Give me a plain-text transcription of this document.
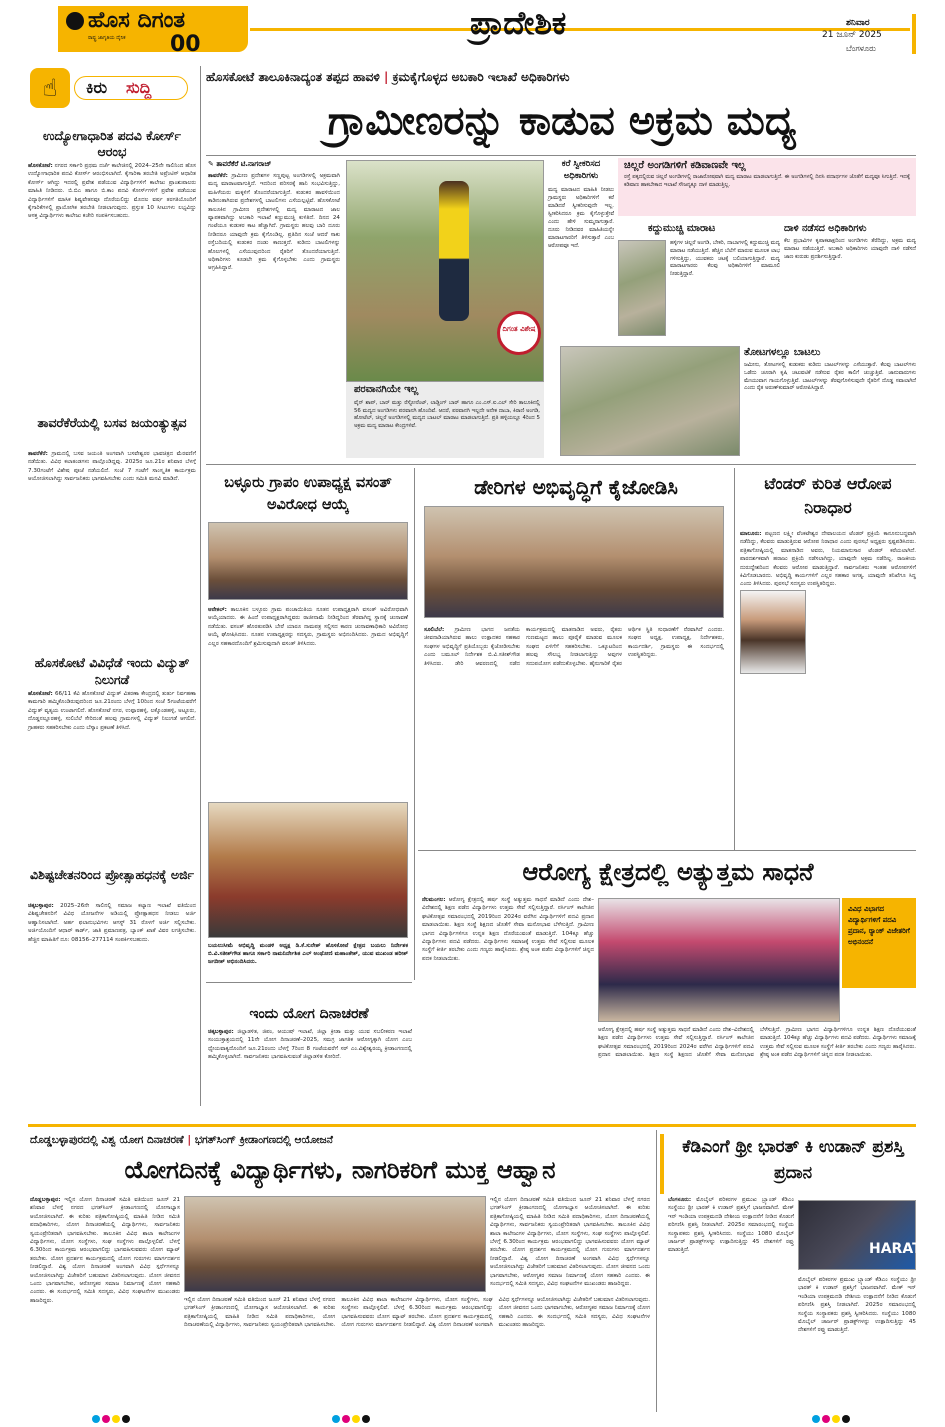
ಹೊಸ ದಿಗಂತ
ರಾಷ್ಟ್ರ ಜಾಗೃತಿಯ ದೈನಿಕ 00
ಪ್ರಾದೇಶಿಕ	ಶನಿವಾರ
21 ಜೂನ್ 2025
ಬೆಂಗಳೂರು
☝	ಕಿರು ಸುದ್ದಿ
ಉದ್ಯೋಗಾಧಾರಿತ ಪದವಿ ಕೋರ್ಸ್ ಆರಂಭ
ಹೊಸಕೋಟೆ: ನಗರದ ಸರ್ಕಾರಿ ಪ್ರಥಮ ದರ್ಜೆ ಕಾಲೇಜಿನಲ್ಲಿ 2024–25ನೇ ಸಾಲಿನಿಂದ ಹೊಸ ಉದ್ಯೋಗಾಧಾರಿತ ಪದವಿ ಕೋರ್ಸ್ ಆರಂಭಿಸಲಾಗಿದೆ. ಕೈಗಾರಿಕಾ ತರಬೇತಿ ಅಪ್ರೆಂಟಿಸ್ ಆಧಾರಿತ ಕೋರ್ಸ್ ಆಗಿದ್ದು ಇದರಲ್ಲಿ ಪ್ರವೇಶ ಪಡೆಯುವ ವಿದ್ಯಾರ್ಥಿಗಳಿಗೆ ಕಾಲೇಜು ಪ್ರಾಂಶುಪಾಲರು ಮಾಹಿತಿ ನೀಡಿದರು. ಬಿ.ಬಿಎ ಹಾಗೂ ಬಿ.ಕಾಂ ಪದವಿ ಕೋರ್ಸ್‌ಗಳಿಗೆ ಪ್ರವೇಶ ಪಡೆಯುವ ವಿದ್ಯಾರ್ಥಿಗಳಿಗೆ ಮಾಸಿಕ ಶಿಷ್ಯವೇತನವೂ ದೊರೆಯಲಿದ್ದು ಮೊದಲ ವರ್ಷ ತರಗತಿಯೊಂದಿಗೆ ಕೈಗಾರಿಕೆಗಳಲ್ಲಿ ಪ್ರಾಯೋಗಿಕ ತರಬೇತಿ ನೀಡಲಾಗುವುದು. ಪ್ರಸ್ತುತ 10 ಸೀಟುಗಳು ಲಭ್ಯವಿದ್ದು ಆಸಕ್ತ ವಿದ್ಯಾರ್ಥಿಗಳು ಕಾಲೇಜು ಕಚೇರಿ ಸಂಪರ್ಕಿಸಬಹುದು.
ತಾವರೆಕೆರೆಯಲ್ಲಿ ಬಸವ ಜಯಂತ್ಯುತ್ಸವ
ತಾವರೆಕೆರೆ: ಗ್ರಾಮದಲ್ಲಿ ಬಸವ ಜಯಂತಿ ಅಂಗವಾಗಿ ಬಸವೇಶ್ವರರ ಭಾವಚಿತ್ರದ ಮೆರವಣಿಗೆ ನಡೆಯಿತು. ವಿವಿಧ ಕಲಾತಂಡಗಳು ಪಾಲ್ಗೊಂಡಿದ್ದವು. 2025ರ ಜೂ.21ರ ಶನಿವಾರ ಬೆಳಗ್ಗೆ 7.30ಗಂಟೆಗೆ ವಿಶೇಷ ಪೂಜೆ ನಡೆಯಲಿದೆ. ಸಂಜೆ 7 ಗಂಟೆಗೆ ಸಾಂಸ್ಕೃತಿಕ ಕಾರ್ಯಕ್ರಮ ಆಯೋಜಿಸಲಾಗಿದ್ದು ಸಾರ್ವಜನಿಕರು ಭಾಗವಹಿಸಬೇಕು ಎಂದು ಸಮಿತಿ ಮನವಿ ಮಾಡಿದೆ.
ಹೊಸಕೋಟೆ ವಿವಿಧೆಡೆ ಇಂದು ವಿದ್ಯುತ್ ನಿಲುಗಡೆ
ಹೊಸಕೋಟೆ: 66/11 ಕೆವಿ ಹೊಸಕೋಟೆ ವಿದ್ಯುತ್ ವಿತರಣಾ ಕೇಂದ್ರದಲ್ಲಿ ತುರ್ತು ನಿರ್ವಹಣಾ ಕಾಮಗಾರಿ ಹಮ್ಮಿಕೊಂಡಿರುವುದರಿಂದ ಜೂ.21ರಂದು ಬೆಳಗ್ಗೆ 10ರಿಂದ ಸಂಜೆ 5ಗಂಟೆಯವರೆಗೆ ವಿದ್ಯುತ್ ವ್ಯತ್ಯಯ ಉಂಟಾಗಲಿದೆ. ಹೊಸಕೋಟೆ ನಗರ, ಉಪ್ಪಾರಹಳ್ಳಿ, ಲಕ್ಕೊಂಡಹಳ್ಳಿ, ಅಟ್ಟೂರು, ದೊಡ್ಡನಲ್ಲೂರಹಳ್ಳಿ, ಸುಲಿಬೆಲೆ ಸೇರಿದಂತೆ ಹಲವು ಗ್ರಾಮಗಳಲ್ಲಿ ವಿದ್ಯುತ್ ನಿಲುಗಡೆ ಆಗಲಿದೆ. ಗ್ರಾಹಕರು ಸಹಕರಿಸಬೇಕು ಎಂದು ಬೆಸ್ಕಾಂ ಪ್ರಕಟಣೆ ತಿಳಿಸಿದೆ.
ವಿಶಿಷ್ಟಚೇತನರಿಂದ ಪ್ರೋತ್ಸಾಹಧನಕ್ಕೆ ಅರ್ಜಿ
ಚಿಕ್ಕಬಳ್ಳಾಪುರ: 2025–26ನೇ ಸಾಲಿನಲ್ಲಿ ಸಮಾಜ ಕಲ್ಯಾಣ ಇಲಾಖೆ ವತಿಯಿಂದ ವಿಶಿಷ್ಟಚೇತನರಿಗೆ ವಿವಿಧ ಯೋಜನೆಗಳ ಅಡಿಯಲ್ಲಿ ಪ್ರೋತ್ಸಾಹಧನ ನೀಡಲು ಅರ್ಜಿ ಆಹ್ವಾನಿಸಲಾಗಿದೆ. ಅರ್ಹ ಫಲಾನುಭವಿಗಳು ಆಗಸ್ಟ್ 31 ರೊಳಗೆ ಅರ್ಜಿ ಸಲ್ಲಿಸಬೇಕು. ಅರ್ಜಿಯೊಂದಿಗೆ ಆಧಾರ್ ಕಾರ್ಡ್, ಜಾತಿ ಪ್ರಮಾಣಪತ್ರ, ಬ್ಯಾಂಕ್ ಖಾತೆ ವಿವರ ಲಗತ್ತಿಸಬೇಕು. ಹೆಚ್ಚಿನ ಮಾಹಿತಿಗೆ ದೂ: 08156–277114 ಸಂಪರ್ಕಿಸಬಹುದು.
ಹೊಸಕೋಟೆ ತಾಲೂಕಿನಾದ್ಯಂತ ತಪ್ಪದ ಹಾವಳಿ | ಕ್ರಮಕೈಗೊಳ್ಳದ ಅಬಕಾರಿ ಇಲಾಖೆ ಅಧಿಕಾರಿಗಳು
ಗ್ರಾಮೀಣರನ್ನು ಕಾಡುವ ಅಕ್ರಮ ಮದ್ಯ
✎ ತಾವರೆಕೆರೆ ಟಿ.ನಾಗರಾಜ್
ತಾವರೆಕೆರೆ: ಗ್ರಾಮೀಣ ಪ್ರದೇಶಗಳ ಸಣ್ಣಪುಟ್ಟ ಅಂಗಡಿಗಳಲ್ಲಿ ಅಕ್ರಮವಾಗಿ ಮದ್ಯ ಮಾರಾಟವಾಗುತ್ತಿದೆ. ಇದರಿಂದ ಪರಿಸರಕ್ಕೆ ಹಾನಿ ಸಂಭವಿಸುತ್ತಿದ್ದು, ಮಹಿಳೆಯರು ಮಕ್ಕಳಿಗೆ ತೊಂದರೆಯಾಗುತ್ತಿದೆ. ಕುಡುಕರ ಹಾವಳಿಯಿಂದ ಕಾಡಿನಂತಾಗಿರುವ ಪ್ರದೇಶಗಳಲ್ಲಿ ಬಾಟಲಿಗಳು ಎಸೆಯಲ್ಪಟ್ಟಿವೆ. ಹೊಸಕೋಟೆ ತಾಲೂಕಿನ ಗ್ರಾಮೀಣ ಪ್ರದೇಶಗಳಲ್ಲಿ ಮದ್ಯ ಮಾರಾಟದ ಜಾಲ ವ್ಯಾಪಕವಾಗಿದ್ದು ಅಬಕಾರಿ ಇಲಾಖೆ ಕಣ್ಣುಮುಚ್ಚಿ ಕುಳಿತಿದೆ. ದಿನದ 24 ಗಂಟೆಯೂ ಕುಡುಕರ ಕಾಟ ಹೆಚ್ಚಾಗಿದೆ. ಗ್ರಾಮಸ್ಥರು ಹಲವು ಬಾರಿ ದೂರು ನೀಡಿದರೂ ಯಾವುದೇ ಕ್ರಮ ಕೈಗೊಂಡಿಲ್ಲ. ಪ್ರತಿದಿನ ಸಂಜೆ ಆದರೆ ಸಾಕು ರಸ್ತೆಬದಿಯಲ್ಲಿ ಕುಡುಕರ ದಂಡು ಕಾಣುತ್ತದೆ. ಕುಡಿದು ಬಾಟಲಿಗಳನ್ನು ಹೊಲಗಳಲ್ಲಿ ಎಸೆಯುವುದರಿಂದ ರೈತರಿಗೆ ತೊಂದರೆಯಾಗುತ್ತಿದೆ. ಅಧಿಕಾರಿಗಳು ಕೂಡಲೇ ಕ್ರಮ ಕೈಗೊಳ್ಳಬೇಕು ಎಂದು ಗ್ರಾಮಸ್ಥರು ಆಗ್ರಹಿಸಿದ್ದಾರೆ.
ದಿಗಂತ ವಿಶೇಷ
ಪರವಾನಗಿಯೇ ಇಲ್ಲ
ವೈನ್ ಶಾಪ್, ಬಾರ್ ಮತ್ತು ರೆಸ್ಟೋರೆಂಟ್, ಲಾಡ್ಜಿಂಗ್ ಬಾರ್ ಹಾಗೂ ಎಂ.ಎಸ್.ಐ.ಎಲ್ ಸೇರಿ ತಾಲೂಕಿನಲ್ಲಿ 56 ಮದ್ಯದ ಅಂಗಡಿಗಳು ಪರವಾನಗಿ ಹೊಂದಿವೆ. ಆದರೆ, ಪರವಾನಗಿ ಇಲ್ಲದೇ ಅನೇಕ ದಾಬಾ, ಕಿರಾಣಿ ಅಂಗಡಿ, ಹೋಟೆಲ್, ಚಿಲ್ಲರೆ ಅಂಗಡಿಗಳಲ್ಲಿ ಮದ್ಯದ ಬಾಟಲ್ ಮಾರಾಟ ಮಾಡಲಾಗುತ್ತಿದೆ. ಪ್ರತಿ ಹಳ್ಳಿಯಲ್ಲೂ 4ರಿಂದ 5 ಅಕ್ರಮ ಮದ್ಯ ಮಾರಾಟ ಕೇಂದ್ರಗಳಿವೆ.
ಕರೆ ಸ್ವೀಕರಿಸದ ಅಧಿಕಾರಿಗಳು
ಮದ್ಯ ಮಾರಾಟದ ಮಾಹಿತಿ ನೀಡಲು ಗ್ರಾಮಸ್ಥರು ಅಧಿಕಾರಿಗಳಿಗೆ ಕರೆ ಮಾಡಿದರೆ ಸ್ವೀಕರಿಸುವುದೇ ಇಲ್ಲ. ಸ್ವೀಕರಿಸಿದರೂ ಕ್ರಮ ಕೈಗೊಳ್ಳುತ್ತೇವೆ ಎಂದು ಹೇಳಿ ಸುಮ್ಮನಾಗುತ್ತಾರೆ. ದೂರು ನೀಡಿದವರ ಮಾಹಿತಿಯನ್ನೇ ಮಾರಾಟಗಾರರಿಗೆ ತಿಳಿಸುತ್ತಾರೆ ಎಂಬ ಆರೋಪವೂ ಇದೆ.
ಚಿಲ್ಲರೆ ಅಂಗಡಿಗಳಿಗೆ ಕಡಿವಾಣವೇ ಇಲ್ಲ
ರಸ್ತೆ ಪಕ್ಕದಲ್ಲಿರುವ ಚಿಲ್ಲರೆ ಅಂಗಡಿಗಳಲ್ಲಿ ರಾಜಾರೋಷವಾಗಿ ಮದ್ಯ ಮಾರಾಟ ಮಾಡಲಾಗುತ್ತಿದೆ. ಈ ಅಂಗಡಿಗಳಲ್ಲಿ ದಿನಸಿ ಪದಾರ್ಥಗಳ ಜೊತೆಗೆ ಮದ್ಯವೂ ಸಿಗುತ್ತಿದೆ. ಇದಕ್ಕೆ ಕಡಿವಾಣ ಹಾಕಬೇಕಾದ ಇಲಾಖೆ ಸೌಜನ್ಯಕ್ಕೂ ದಾಳಿ ಮಾಡುತ್ತಿಲ್ಲ.
ಕದ್ದುಮುಚ್ಚಿ ಮಾರಾಟ
ಹಳ್ಳಿಗಳ ಚಿಲ್ಲರೆ ಅಂಗಡಿ, ಬೇಕರಿ, ದಾಬಾಗಳಲ್ಲಿ ಕದ್ದುಮುಚ್ಚಿ ಮದ್ಯ ಮಾರಾಟ ನಡೆಯುತ್ತಿದೆ. ಹೆಚ್ಚಿನ ಬೆಲೆಗೆ ಮಾರುವ ಮೂಲಕ ಲಾಭ ಗಳಿಸುತ್ತಿದ್ದು, ಯುವಕರು ಚಟಕ್ಕೆ ಬಲಿಯಾಗುತ್ತಿದ್ದಾರೆ. ಮದ್ಯ ಮಾರಾಟಗಾರರು ಕೆಲವು ಅಧಿಕಾರಿಗಳಿಗೆ ಮಾಮೂಲಿ ನೀಡುತ್ತಿದ್ದಾರೆ.
ದಾಳಿ ನಡೆಸದ ಅಧಿಕಾರಿಗಳು
ಕೆಲ ಪ್ರಭಾವಿಗಳ ಕೃಪಾಕಟಾಕ್ಷದಿಂದ ಅಂಗಡಿಗಳು ತೆರೆದಿದ್ದು, ಅಕ್ರಮ ಮದ್ಯ ಮಾರಾಟ ನಡೆಯುತ್ತಿದೆ. ಅಬಕಾರಿ ಅಧಿಕಾರಿಗಳು ಯಾವುದೇ ದಾಳಿ ನಡೆಸದೆ ಜಾಣ ಕುರುಡು ಪ್ರದರ್ಶಿಸುತ್ತಿದ್ದಾರೆ.
ತೋಟಗಳಲ್ಲೂ ಬಾಟಲು
ಜಮೀನು, ತೋಟಗಳಲ್ಲಿ ಕುಡುಕರು ಕುಡಿದು ಬಾಟಲ್‌ಗಳನ್ನು ಎಸೆಯುತ್ತಾರೆ. ಕೆಲವು ಬಾಟಲ್‌ಗಳು ಒಡೆದು ಚೂರಾಗಿ ಕೃಷಿ ಚಟುವಟಿಕೆ ನಡೆಸುವ ರೈತರ ಕಾಲಿಗೆ ಚುಚ್ಚುತ್ತಿವೆ. ಜಾನುವಾರುಗಳು ಮೇಯುವಾಗ ಗಾಯಗೊಳ್ಳುತ್ತಿವೆ. ಬಾಟಲ್‌ಗಳನ್ನು ತೆರವುಗೊಳಿಸುವುದೇ ರೈತರಿಗೆ ದೊಡ್ಡ ಸವಾಲಾಗಿದೆ ಎಂದು ರೈತ ಅರುಣ್‌ಕುಮಾರ್ ಆರೋಪಿಸಿದ್ದಾರೆ.
ಬಳ್ಳೂರು ಗ್ರಾಪಂ ಉಪಾಧ್ಯಕ್ಷ ವಸಂತ್ ಅವಿರೋಧ ಆಯ್ಕೆ
ಆನೇಕಲ್: ತಾಲೂಕಿನ ಬಳ್ಳೂರು ಗ್ರಾಮ ಪಂಚಾಯಿತಿಯ ನೂತನ ಉಪಾಧ್ಯಕ್ಷರಾಗಿ ವಸಂತ್ ಅವಿರೋಧವಾಗಿ ಆಯ್ಕೆಯಾದರು. ಈ ಹಿಂದೆ ಉಪಾಧ್ಯಕ್ಷರಾಗಿದ್ದವರು ರಾಜೀನಾಮೆ ನೀಡಿದ್ದರಿಂದ ತೆರವಾಗಿದ್ದ ಸ್ಥಾನಕ್ಕೆ ಚುನಾವಣೆ ನಡೆಯಿತು. ವಸಂತ್ ಹೊರತುಪಡಿಸಿ ಬೇರೆ ಯಾರೂ ನಾಮಪತ್ರ ಸಲ್ಲಿಸದ ಕಾರಣ ಚುನಾವಣಾಧಿಕಾರಿ ಅವಿರೋಧ ಆಯ್ಕೆ ಘೋಷಿಸಿದರು. ನೂತನ ಉಪಾಧ್ಯಕ್ಷರನ್ನು ಸದಸ್ಯರು, ಗ್ರಾಮಸ್ಥರು ಅಭಿನಂದಿಸಿದರು. ಗ್ರಾಮದ ಅಭಿವೃದ್ಧಿಗೆ ಎಲ್ಲರ ಸಹಕಾರದೊಂದಿಗೆ ಶ್ರಮಿಸುವುದಾಗಿ ವಸಂತ್ ತಿಳಿಸಿದರು.
ಬಯಲುಸೀಮೆ ಅಭಿವೃದ್ಧಿ ಮಂಡಳಿ ಅಧ್ಯಕ್ಷ ಡಿ.ಕೆ.ಸುರೇಶ್ ಹೊಸಕೋಟೆ ಕ್ಷೇತ್ರದ ಬಯಲು ನಿರ್ದೇಶಕ ಬಿ.ವಿ.ಸತೀಶ್‌ಗೌಡ ಹಾಗೂ ಸರ್ಕಾರಿ ನಾಮನಿರ್ದೇಶಿತ ಎಲ್ ಅಂಥೋಣಿ ಮಹಾಂತೇಶ್, ಯುವ ಮುಖಂಡ ಹರೀಶ್ ಜಗದೀಶ್ ಅಭಿನಂದಿಸಿದರು.
ಡೇರಿಗಳ ಅಭಿವೃದ್ಧಿಗೆ ಕೈಜೋಡಿಸಿ
ಸೂಲಿಬೆಲೆ: ಗ್ರಾಮೀಣ ಭಾಗದ ಜನತೆಯ ಜೀವನಾಡಿಯಾಗಿರುವ ಹಾಲು ಉತ್ಪಾದಕರ ಸಹಕಾರ ಸಂಘಗಳ ಅಭಿವೃದ್ಧಿಗೆ ಪ್ರತಿಯೊಬ್ಬರು ಕೈಜೋಡಿಸಬೇಕು ಎಂದು ಬಮೂಲ್ ನಿರ್ದೇಶಕ ಬಿ.ವಿ.ಸತೀಶ್‌ಗೌಡ ತಿಳಿಸಿದರು. ಡೇರಿ ಆವರಣದಲ್ಲಿ ನಡೆದ ಕಾರ್ಯಕ್ರಮದಲ್ಲಿ ಮಾತನಾಡಿದ ಅವರು, ರೈತರು ಗುಣಮಟ್ಟದ ಹಾಲು ಪೂರೈಕೆ ಮಾಡುವ ಮೂಲಕ ಸಂಘದ ಏಳಿಗೆಗೆ ಸಹಕರಿಸಬೇಕು. ಒಕ್ಕೂಟದಿಂದ ಹಲವು ಸೌಲಭ್ಯ ನೀಡಲಾಗುತ್ತಿದ್ದು ಅವುಗಳ ಸದುಪಯೋಗ ಪಡೆದುಕೊಳ್ಳಬೇಕು. ಹೈನುಗಾರಿಕೆ ರೈತರ ಆರ್ಥಿಕ ಸ್ಥಿತಿ ಸುಧಾರಣೆಗೆ ನೆರವಾಗಿದೆ ಎಂದರು. ಸಂಘದ ಅಧ್ಯಕ್ಷ, ಉಪಾಧ್ಯಕ್ಷ, ನಿರ್ದೇಶಕರು, ಕಾರ್ಯದರ್ಶಿ, ಗ್ರಾಮಸ್ಥರು ಈ ಸಂದರ್ಭದಲ್ಲಿ ಉಪಸ್ಥಿತರಿದ್ದರು.
ಟೆಂಡರ್ ಕುರಿತ ಆರೋಪ ನಿರಾಧಾರ
ಮಾಲೂರು: ಪಟ್ಟಣದ ಲಕ್ಷ್ಮೀ ವೆಂಕಟೇಶ್ವರ ದೇವಾಲಯದ ಟೆಂಡರ್ ಪ್ರಕ್ರಿಯೆ ಕಾನೂನುಬದ್ಧವಾಗಿ ನಡೆದಿದ್ದು, ಕೆಲವರು ಮಾಡುತ್ತಿರುವ ಆರೋಪ ನಿರಾಧಾರ ಎಂದು ಪುರಸಭೆ ಅಧ್ಯಕ್ಷರು ಸ್ಪಷ್ಟಪಡಿಸಿದರು. ಪತ್ರಿಕಾಗೋಷ್ಠಿಯಲ್ಲಿ ಮಾತನಾಡಿದ ಅವರು, ನಿಯಮಾನುಸಾರ ಟೆಂಡರ್ ಕರೆಯಲಾಗಿದೆ. ಪಾರದರ್ಶಕವಾಗಿ ಹರಾಜು ಪ್ರಕ್ರಿಯೆ ನಡೆಸಲಾಗಿದ್ದು, ಯಾವುದೇ ಅಕ್ರಮ ನಡೆದಿಲ್ಲ. ರಾಜಕೀಯ ದುರುದ್ದೇಶದಿಂದ ಕೆಲವರು ಆರೋಪ ಮಾಡುತ್ತಿದ್ದಾರೆ. ಸಾರ್ವಜನಿಕರು ಇಂತಹ ಆರೋಪಗಳಿಗೆ ಕಿವಿಗೊಡಬಾರದು. ಅಭಿವೃದ್ಧಿ ಕಾರ್ಯಗಳಿಗೆ ಎಲ್ಲರ ಸಹಕಾರ ಅಗತ್ಯ. ಯಾವುದೇ ತನಿಖೆಗೂ ಸಿದ್ಧ ಎಂದು ತಿಳಿಸಿದರು. ಪುರಸಭೆ ಸದಸ್ಯರು ಉಪಸ್ಥಿತರಿದ್ದರು.
ಆರೋಗ್ಯ ಕ್ಷೇತ್ರದಲ್ಲಿ ಅತ್ಯುತ್ತಮ ಸಾಧನೆ
ನೆಲಮಂಗಲ: ಆರೋಗ್ಯ ಕ್ಷೇತ್ರದಲ್ಲಿ ಹರ್ಷ ಸಂಸ್ಥೆ ಅತ್ಯುತ್ತಮ ಸಾಧನೆ ಮಾಡಿದೆ ಎಂದು ದೇಶ–ವಿದೇಶದಲ್ಲಿ ಶಿಕ್ಷಣ ಪಡೆದ ವಿದ್ಯಾರ್ಥಿಗಳು ಉತ್ತಮ ಸೇವೆ ಸಲ್ಲಿಸುತ್ತಿದ್ದಾರೆ. ನರ್ಸಿಂಗ್ ಕಾಲೇಜಿನ ಘಟಿಕೋತ್ಸವ ಸಮಾರಂಭದಲ್ಲಿ 2019ರಿಂದ 2024ರ ವರೆಗಿನ ವಿದ್ಯಾರ್ಥಿಗಳಿಗೆ ಪದವಿ ಪ್ರದಾನ ಮಾಡಲಾಯಿತು. ಶಿಕ್ಷಣ ಸಂಸ್ಥೆ ಶಿಕ್ಷಣದ ಜೊತೆಗೆ ಸೇವಾ ಮನೋಭಾವ ಬೆಳೆಸುತ್ತಿದೆ. ಗ್ರಾಮೀಣ ಭಾಗದ ವಿದ್ಯಾರ್ಥಿಗಳಿಗೂ ಉನ್ನತ ಶಿಕ್ಷಣ ದೊರೆಯುವಂತೆ ಮಾಡುತ್ತಿದೆ. 104ಕ್ಕೂ ಹೆಚ್ಚು ವಿದ್ಯಾರ್ಥಿಗಳು ಪದವಿ ಪಡೆದರು. ವಿದ್ಯಾರ್ಥಿಗಳು ಸಮಾಜಕ್ಕೆ ಉತ್ತಮ ಸೇವೆ ಸಲ್ಲಿಸುವ ಮೂಲಕ ಸಂಸ್ಥೆಗೆ ಕೀರ್ತಿ ತರಬೇಕು ಎಂದು ಗಣ್ಯರು ಹಾರೈಸಿದರು. ಶ್ರೇಷ್ಠ ಅಂಕ ಪಡೆದ ವಿದ್ಯಾರ್ಥಿಗಳಿಗೆ ಚಿನ್ನದ ಪದಕ ನೀಡಲಾಯಿತು.
ವಿವಿಧ ವಿಭಾಗದ ವಿದ್ಯಾರ್ಥಿಗಳಿಗೆ ಪದವಿ ಪ್ರದಾನ, ರ‍್ಯಾಂಕ್ ವಿಜೇತರಿಗೆ ಅಭಿನಂದನೆ
ಆರೋಗ್ಯ ಕ್ಷೇತ್ರದಲ್ಲಿ ಹರ್ಷ ಸಂಸ್ಥೆ ಅತ್ಯುತ್ತಮ ಸಾಧನೆ ಮಾಡಿದೆ ಎಂದು ದೇಶ–ವಿದೇಶದಲ್ಲಿ ಶಿಕ್ಷಣ ಪಡೆದ ವಿದ್ಯಾರ್ಥಿಗಳು ಉತ್ತಮ ಸೇವೆ ಸಲ್ಲಿಸುತ್ತಿದ್ದಾರೆ. ನರ್ಸಿಂಗ್ ಕಾಲೇಜಿನ ಘಟಿಕೋತ್ಸವ ಸಮಾರಂಭದಲ್ಲಿ 2019ರಿಂದ 2024ರ ವರೆಗಿನ ವಿದ್ಯಾರ್ಥಿಗಳಿಗೆ ಪದವಿ ಪ್ರದಾನ ಮಾಡಲಾಯಿತು. ಶಿಕ್ಷಣ ಸಂಸ್ಥೆ ಶಿಕ್ಷಣದ ಜೊತೆಗೆ ಸೇವಾ ಮನೋಭಾವ ಬೆಳೆಸುತ್ತಿದೆ. ಗ್ರಾಮೀಣ ಭಾಗದ ವಿದ್ಯಾರ್ಥಿಗಳಿಗೂ ಉನ್ನತ ಶಿಕ್ಷಣ ದೊರೆಯುವಂತೆ ಮಾಡುತ್ತಿದೆ. 104ಕ್ಕೂ ಹೆಚ್ಚು ವಿದ್ಯಾರ್ಥಿಗಳು ಪದವಿ ಪಡೆದರು. ವಿದ್ಯಾರ್ಥಿಗಳು ಸಮಾಜಕ್ಕೆ ಉತ್ತಮ ಸೇವೆ ಸಲ್ಲಿಸುವ ಮೂಲಕ ಸಂಸ್ಥೆಗೆ ಕೀರ್ತಿ ತರಬೇಕು ಎಂದು ಗಣ್ಯರು ಹಾರೈಸಿದರು. ಶ್ರೇಷ್ಠ ಅಂಕ ಪಡೆದ ವಿದ್ಯಾರ್ಥಿಗಳಿಗೆ ಚಿನ್ನದ ಪದಕ ನೀಡಲಾಯಿತು.
ಇಂದು ಯೋಗ ದಿನಾಚರಣೆ
ಚಿಕ್ಕಬಳ್ಳಾಪುರ: ಜಿಲ್ಲಾಡಳಿತ, ಜಿಪಂ, ಆಯುಷ್ ಇಲಾಖೆ, ಜಿಲ್ಲಾ ಕ್ರೀಡಾ ಮತ್ತು ಯುವ ಸಬಲೀಕರಣ ಇಲಾಖೆ ಸಂಯುಕ್ತಾಶ್ರಯದಲ್ಲಿ 11ನೇ ಯೋಗ ದಿನಾಚರಣೆ–2025, ಸಮಗ್ರ ಜಾಗತಿಕ ಆರೋಗ್ಯಕ್ಕಾಗಿ ಯೋಗ ಎಂಬ ಧ್ಯೇಯವಾಕ್ಯದೊಂದಿಗೆ ಜೂ.21ರಂದು ಬೆಳಗ್ಗೆ 7ರಿಂದ 8 ಗಂಟೆಯವರೆಗೆ ಸರ್ ಎಂ.ವಿಶ್ವೇಶ್ವರಯ್ಯ ಕ್ರೀಡಾಂಗಣದಲ್ಲಿ ಹಮ್ಮಿಕೊಳ್ಳಲಾಗಿದೆ. ಸಾರ್ವಜನಿಕರು ಭಾಗವಹಿಸುವಂತೆ ಜಿಲ್ಲಾಡಳಿತ ಕೋರಿದೆ.
ದೊಡ್ಡಬಳ್ಳಾಪುರದಲ್ಲಿ ವಿಶ್ವ ಯೋಗ ದಿನಾಚರಣೆ | ಭಗತ್‌ಸಿಂಗ್ ಕ್ರೀಡಾಂಗಣದಲ್ಲಿ ಆಯೋಜನೆ
ಯೋಗದಿನಕ್ಕೆ ವಿದ್ಯಾರ್ಥಿಗಳು, ನಾಗರಿಕರಿಗೆ ಮುಕ್ತ ಆಹ್ವಾನ
ದೊಡ್ಡಬಳ್ಳಾಪುರ: ಇಲ್ಲಿನ ಯೋಗ ದಿನಾಚರಣೆ ಸಮಿತಿ ವತಿಯಿಂದ ಜೂನ್ 21 ಶನಿವಾರ ಬೆಳಗ್ಗೆ ನಗರದ ಭಗತ್‌ಸಿಂಗ್ ಕ್ರೀಡಾಂಗಣದಲ್ಲಿ ಯೋಗಾಭ್ಯಾಸ ಆಯೋಜಿಸಲಾಗಿದೆ. ಈ ಕುರಿತು ಪತ್ರಿಕಾಗೋಷ್ಠಿಯಲ್ಲಿ ಮಾಹಿತಿ ನೀಡಿದ ಸಮಿತಿ ಪದಾಧಿಕಾರಿಗಳು, ಯೋಗ ದಿನಾಚರಣೆಯಲ್ಲಿ ವಿದ್ಯಾರ್ಥಿಗಳು, ಸಾರ್ವಜನಿಕರು ಸ್ವಯಂಪ್ರೇರಿತರಾಗಿ ಭಾಗವಹಿಸಬೇಕು. ತಾಲೂಕಿನ ವಿವಿಧ ಶಾಲಾ ಕಾಲೇಜುಗಳ ವಿದ್ಯಾರ್ಥಿಗಳು, ಯೋಗ ಸಂಸ್ಥೆಗಳು, ಸಂಘ ಸಂಸ್ಥೆಗಳು ಪಾಲ್ಗೊಳ್ಳಲಿವೆ. ಬೆಳಗ್ಗೆ 6.30ರಿಂದ ಕಾರ್ಯಕ್ರಮ ಆರಂಭವಾಗಲಿದ್ದು ಭಾಗವಹಿಸುವವರು ಯೋಗ ಮ್ಯಾಟ್ ತರಬೇಕು. ಯೋಗ ಪ್ರದರ್ಶನ ಕಾರ್ಯಕ್ರಮದಲ್ಲಿ ಯೋಗ ಗುರುಗಳು ಮಾರ್ಗದರ್ಶನ ನೀಡಲಿದ್ದಾರೆ. ವಿಶ್ವ ಯೋಗ ದಿನಾಚರಣೆ ಅಂಗವಾಗಿ ವಿವಿಧ ಸ್ಪರ್ಧೆಗಳನ್ನೂ ಆಯೋಜಿಸಲಾಗಿದ್ದು ವಿಜೇತರಿಗೆ ಬಹುಮಾನ ವಿತರಿಸಲಾಗುವುದು. ಯೋಗ ಜೀವನದ ಒಂದು ಭಾಗವಾಗಬೇಕು, ಆರೋಗ್ಯಕರ ಸಮಾಜ ನಿರ್ಮಾಣಕ್ಕೆ ಯೋಗ ಸಹಕಾರಿ ಎಂದರು. ಈ ಸಂದರ್ಭದಲ್ಲಿ ಸಮಿತಿ ಸದಸ್ಯರು, ವಿವಿಧ ಸಂಘಟನೆಗಳ ಮುಖಂಡರು ಹಾಜರಿದ್ದರು.	ಇಲ್ಲಿನ ಯೋಗ ದಿನಾಚರಣೆ ಸಮಿತಿ ವತಿಯಿಂದ ಜೂನ್ 21 ಶನಿವಾರ ಬೆಳಗ್ಗೆ ನಗರದ ಭಗತ್‌ಸಿಂಗ್ ಕ್ರೀಡಾಂಗಣದಲ್ಲಿ ಯೋಗಾಭ್ಯಾಸ ಆಯೋಜಿಸಲಾಗಿದೆ. ಈ ಕುರಿತು ಪತ್ರಿಕಾಗೋಷ್ಠಿಯಲ್ಲಿ ಮಾಹಿತಿ ನೀಡಿದ ಸಮಿತಿ ಪದಾಧಿಕಾರಿಗಳು, ಯೋಗ ದಿನಾಚರಣೆಯಲ್ಲಿ ವಿದ್ಯಾರ್ಥಿಗಳು, ಸಾರ್ವಜನಿಕರು ಸ್ವಯಂಪ್ರೇರಿತರಾಗಿ ಭಾಗವಹಿಸಬೇಕು. ತಾಲೂಕಿನ ವಿವಿಧ ಶಾಲಾ ಕಾಲೇಜುಗಳ ವಿದ್ಯಾರ್ಥಿಗಳು, ಯೋಗ ಸಂಸ್ಥೆಗಳು, ಸಂಘ ಸಂಸ್ಥೆಗಳು ಪಾಲ್ಗೊಳ್ಳಲಿವೆ. ಬೆಳಗ್ಗೆ 6.30ರಿಂದ ಕಾರ್ಯಕ್ರಮ ಆರಂಭವಾಗಲಿದ್ದು ಭಾಗವಹಿಸುವವರು ಯೋಗ ಮ್ಯಾಟ್ ತರಬೇಕು. ಯೋಗ ಪ್ರದರ್ಶನ ಕಾರ್ಯಕ್ರಮದಲ್ಲಿ ಯೋಗ ಗುರುಗಳು ಮಾರ್ಗದರ್ಶನ ನೀಡಲಿದ್ದಾರೆ. ವಿಶ್ವ ಯೋಗ ದಿನಾಚರಣೆ ಅಂಗವಾಗಿ ವಿವಿಧ ಸ್ಪರ್ಧೆಗಳನ್ನೂ ಆಯೋಜಿಸಲಾಗಿದ್ದು ವಿಜೇತರಿಗೆ ಬಹುಮಾನ ವಿತರಿಸಲಾಗುವುದು. ಯೋಗ ಜೀವನದ ಒಂದು ಭಾಗವಾಗಬೇಕು, ಆರೋಗ್ಯಕರ ಸಮಾಜ ನಿರ್ಮಾಣಕ್ಕೆ ಯೋಗ ಸಹಕಾರಿ ಎಂದರು. ಈ ಸಂದರ್ಭದಲ್ಲಿ ಸಮಿತಿ ಸದಸ್ಯರು, ವಿವಿಧ ಸಂಘಟನೆಗಳ ಮುಖಂಡರು ಹಾಜರಿದ್ದರು.
ಇಲ್ಲಿನ ಯೋಗ ದಿನಾಚರಣೆ ಸಮಿತಿ ವತಿಯಿಂದ ಜೂನ್ 21 ಶನಿವಾರ ಬೆಳಗ್ಗೆ ನಗರದ ಭಗತ್‌ಸಿಂಗ್ ಕ್ರೀಡಾಂಗಣದಲ್ಲಿ ಯೋಗಾಭ್ಯಾಸ ಆಯೋಜಿಸಲಾಗಿದೆ. ಈ ಕುರಿತು ಪತ್ರಿಕಾಗೋಷ್ಠಿಯಲ್ಲಿ ಮಾಹಿತಿ ನೀಡಿದ ಸಮಿತಿ ಪದಾಧಿಕಾರಿಗಳು, ಯೋಗ ದಿನಾಚರಣೆಯಲ್ಲಿ ವಿದ್ಯಾರ್ಥಿಗಳು, ಸಾರ್ವಜನಿಕರು ಸ್ವಯಂಪ್ರೇರಿತರಾಗಿ ಭಾಗವಹಿಸಬೇಕು. ತಾಲೂಕಿನ ವಿವಿಧ ಶಾಲಾ ಕಾಲೇಜುಗಳ ವಿದ್ಯಾರ್ಥಿಗಳು, ಯೋಗ ಸಂಸ್ಥೆಗಳು, ಸಂಘ ಸಂಸ್ಥೆಗಳು ಪಾಲ್ಗೊಳ್ಳಲಿವೆ. ಬೆಳಗ್ಗೆ 6.30ರಿಂದ ಕಾರ್ಯಕ್ರಮ ಆರಂಭವಾಗಲಿದ್ದು ಭಾಗವಹಿಸುವವರು ಯೋಗ ಮ್ಯಾಟ್ ತರಬೇಕು. ಯೋಗ ಪ್ರದರ್ಶನ ಕಾರ್ಯಕ್ರಮದಲ್ಲಿ ಯೋಗ ಗುರುಗಳು ಮಾರ್ಗದರ್ಶನ ನೀಡಲಿದ್ದಾರೆ. ವಿಶ್ವ ಯೋಗ ದಿನಾಚರಣೆ ಅಂಗವಾಗಿ ವಿವಿಧ ಸ್ಪರ್ಧೆಗಳನ್ನೂ ಆಯೋಜಿಸಲಾಗಿದ್ದು ವಿಜೇತರಿಗೆ ಬಹುಮಾನ ವಿತರಿಸಲಾಗುವುದು. ಯೋಗ ಜೀವನದ ಒಂದು ಭಾಗವಾಗಬೇಕು, ಆರೋಗ್ಯಕರ ಸಮಾಜ ನಿರ್ಮಾಣಕ್ಕೆ ಯೋಗ ಸಹಕಾರಿ ಎಂದರು. ಈ ಸಂದರ್ಭದಲ್ಲಿ ಸಮಿತಿ ಸದಸ್ಯರು, ವಿವಿಧ ಸಂಘಟನೆಗಳ ಮುಖಂಡರು ಹಾಜರಿದ್ದರು.
ಕೆಡಿಎಂಗೆ ಥ್ರೀ ಭಾರತ್ ಕಿ ಉಡಾನ್ ಪ್ರಶಸ್ತಿ ಪ್ರದಾನ
ಬೆಂಗಳೂರು: ಮೊಬೈಲ್ ಪರಿಕರಗಳ ಪ್ರಮುಖ ಬ್ರ್ಯಾಂಡ್ ಕೆಡಿಎಂ ಸಂಸ್ಥೆಯು ಥ್ರೀ ಭಾರತ್ ಕಿ ಉಡಾನ್ ಪ್ರಶಸ್ತಿಗೆ ಭಾಜನವಾಗಿದೆ. ಮೇಕ್ ಇನ್ ಇಂಡಿಯಾ ಉಪಕ್ರಮದಡಿ ದೇಶೀಯ ಉತ್ಪಾದನೆಗೆ ನೀಡಿದ ಕೊಡುಗೆ ಪರಿಗಣಿಸಿ ಪ್ರಶಸ್ತಿ ನೀಡಲಾಗಿದೆ. 2025ರ ಸಮಾರಂಭದಲ್ಲಿ ಸಂಸ್ಥೆಯ ಸಂಸ್ಥಾಪಕರು ಪ್ರಶಸ್ತಿ ಸ್ವೀಕರಿಸಿದರು. ಸಂಸ್ಥೆಯು 1080 ಮೊಬೈಲ್ ಚಾರ್ಜರ್ ಪ್ರಾಡಕ್ಟ್‌ಗಳನ್ನು ಉತ್ಪಾದಿಸುತ್ತಿದ್ದು 45 ದೇಶಗಳಿಗೆ ರಫ್ತು ಮಾಡುತ್ತಿದೆ.	HARAT
ಮೊಬೈಲ್ ಪರಿಕರಗಳ ಪ್ರಮುಖ ಬ್ರ್ಯಾಂಡ್ ಕೆಡಿಎಂ ಸಂಸ್ಥೆಯು ಥ್ರೀ ಭಾರತ್ ಕಿ ಉಡಾನ್ ಪ್ರಶಸ್ತಿಗೆ ಭಾಜನವಾಗಿದೆ. ಮೇಕ್ ಇನ್ ಇಂಡಿಯಾ ಉಪಕ್ರಮದಡಿ ದೇಶೀಯ ಉತ್ಪಾದನೆಗೆ ನೀಡಿದ ಕೊಡುಗೆ ಪರಿಗಣಿಸಿ ಪ್ರಶಸ್ತಿ ನೀಡಲಾಗಿದೆ. 2025ರ ಸಮಾರಂಭದಲ್ಲಿ ಸಂಸ್ಥೆಯ ಸಂಸ್ಥಾಪಕರು ಪ್ರಶಸ್ತಿ ಸ್ವೀಕರಿಸಿದರು. ಸಂಸ್ಥೆಯು 1080 ಮೊಬೈಲ್ ಚಾರ್ಜರ್ ಪ್ರಾಡಕ್ಟ್‌ಗಳನ್ನು ಉತ್ಪಾದಿಸುತ್ತಿದ್ದು 45 ದೇಶಗಳಿಗೆ ರಫ್ತು ಮಾಡುತ್ತಿದೆ.
